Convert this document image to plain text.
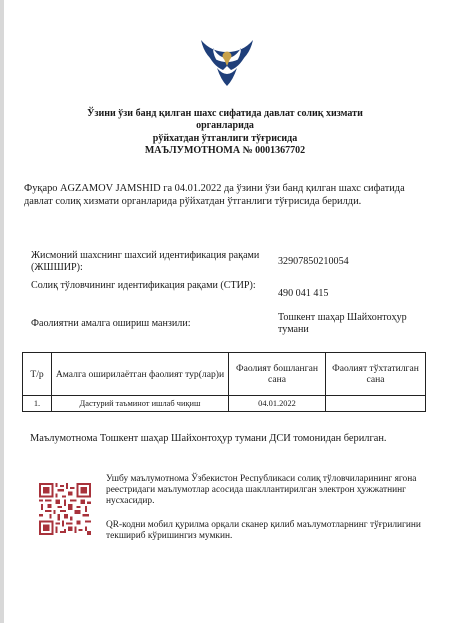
Ўзини ўзи банд қилган шахс сифатида давлат солиқ хизмати
органларида
рўйхатдан ўтганлиги тўғрисида
МАЪЛУМОТНОМА № 0001367702
Фуқаро AGZAMOV JAMSHID га 04.01.2022 да ўзини ўзи банд қилган шахс сифатида давлат солиқ хизмати органларида рўйхатдан ўтганлиги тўғрисида берилди.
Жисмоний шахснинг шахсий идентификация рақами (ЖШШИР):
32907850210054
Солиқ тўловчининг идентификация рақами (СТИР):
490 041 415
Фаолиятни амалга ошириш манзили:
Тошкент шаҳар Шайхонтоҳур тумани
Т/р	Амалга оширилаётган фаолият тур(лар)и	Фаолият бошланган сана	Фаолият тўхтатилган сана
1.	Дастурий таъминот ишлаб чиқиш	04.01.2022	
Маълумотнома Тошкент шаҳар Шайхонтоҳур тумани ДСИ томонидан берилган.
Ушбу маълумотнома Ўзбекистон Республикаси солиқ тўловчиларининг ягона реестридаги маълумотлар асосида шакллантирилган электрон ҳужжатнинг нусхасидир.
QR-кодни мобил қурилма орқали сканер қилиб маълумотларнинг тўғрилигини текшириб кўришингиз мумкин.
